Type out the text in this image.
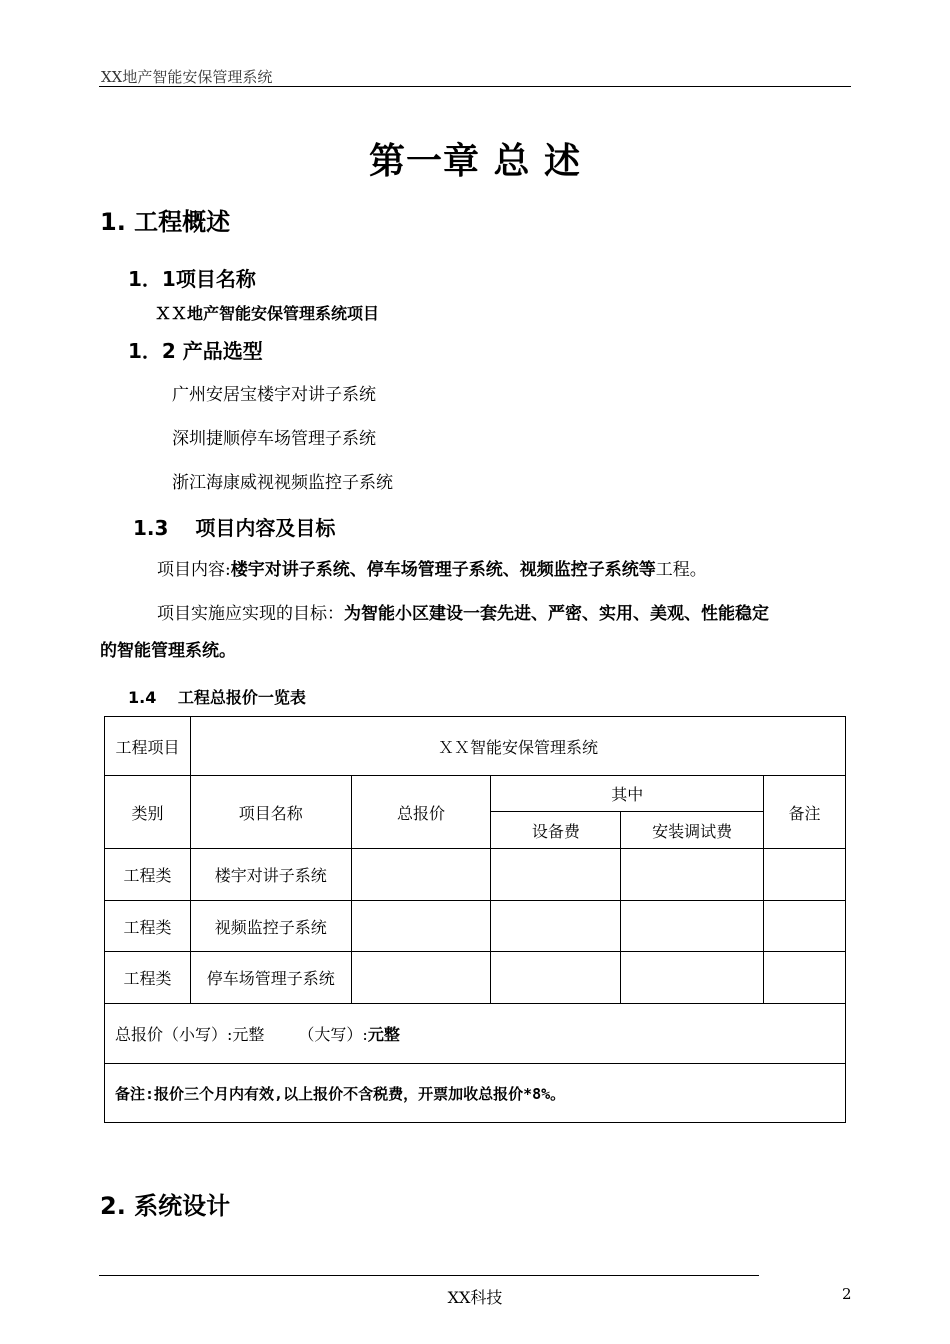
XX地产智能安保管理系统
第一章 总 述
1. 工程概述
1．1项目名称
ＸＸ地产智能安保管理系统项目
1．2 产品选型
广州安居宝楼宇对讲子系统
深圳捷顺停车场管理子系统
浙江海康威视视频监控子系统
1.3　 项目内容及目标
项目内容:楼宇对讲子系统、停车场管理子系统、视频监控子系统等工程。
项目实施应实现的目标：为智能小区建设一套先进、严密、实用、美观、性能稳定
的智能管理系统。
1.4　 工程总报价一览表
工程项目	ＸＸ智能安保管理系统				
类别	项目名称	总报价	其中		备注
			设备费	安装调试费	
工程类	楼宇对讲子系统				
工程类	视频监控子系统				
工程类	停车场管理子系统				
总报价（小写）:元整 （大写）:元整					
备注:报价三个月内有效,以上报价不含税费，开票加收总报价*8%。					
2. 系统设计
XX科技	2
